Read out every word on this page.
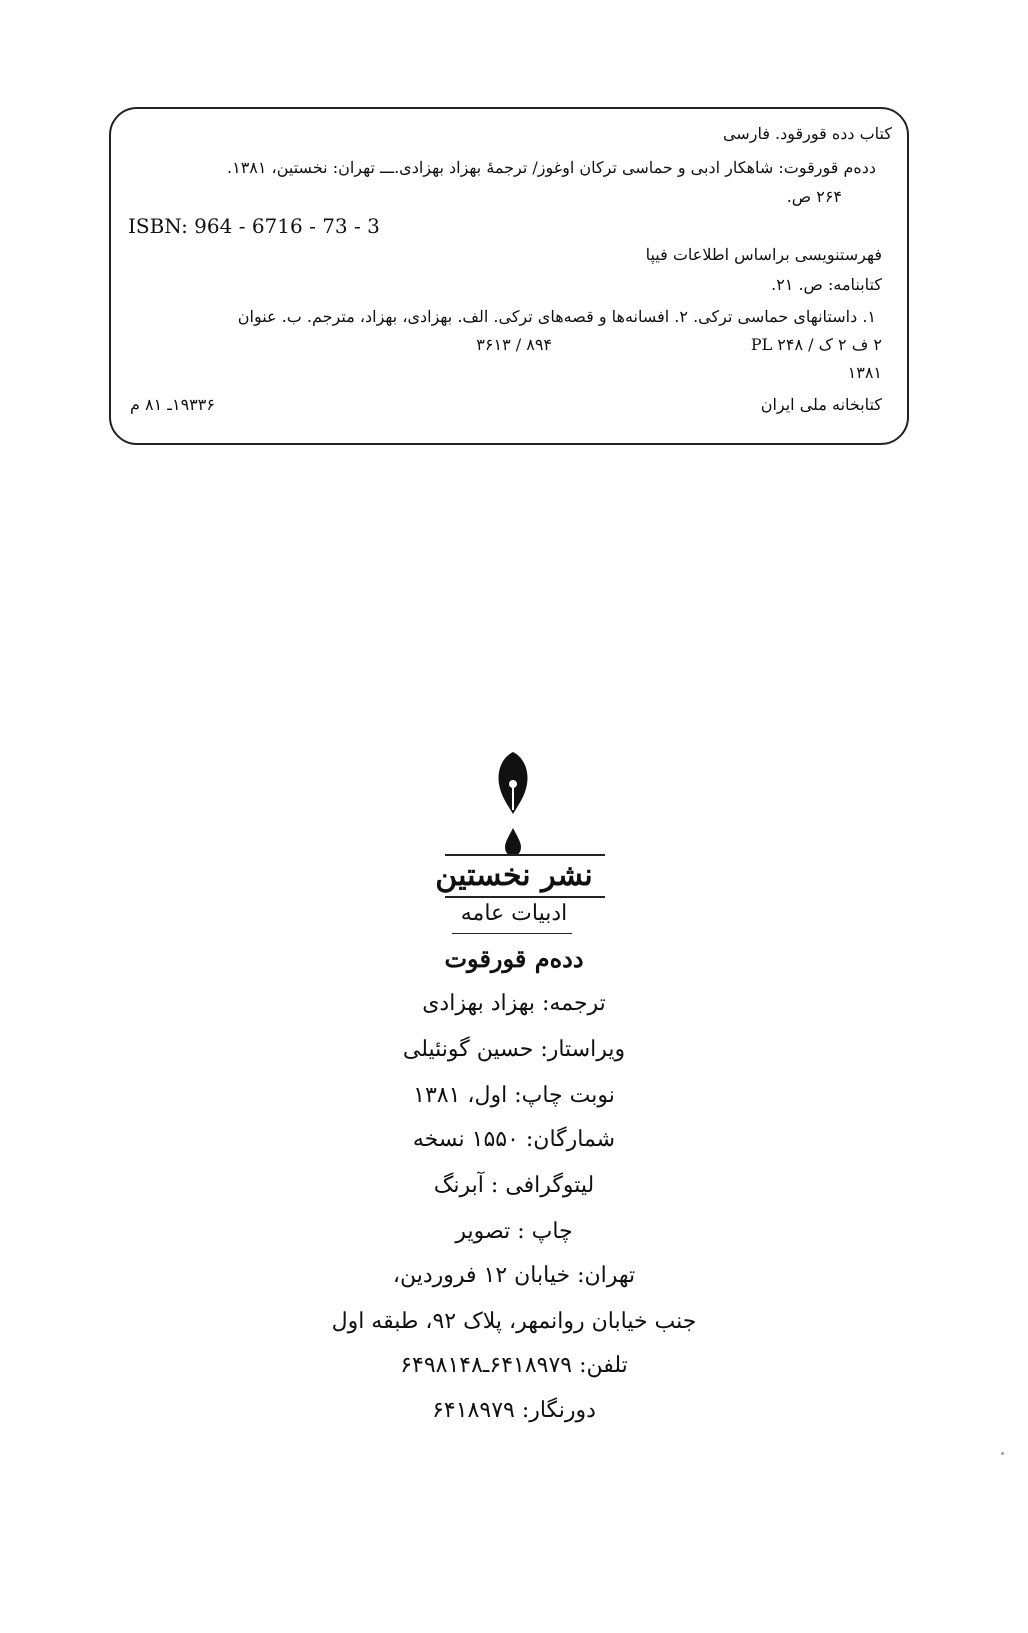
کتاب دده قورقود. فارسی
دده‌م قورقوت: شاهکار ادبی و حماسی ترکان اوغوز/ ترجمهٔ بهزاد بهزادی.ـــ تهران: نخستین، ۱۳۸۱.
۲۶۴ ص.
ISBN: 964 - 6716 - 73 - 3
فهرستنویسی براساس اطلاعات فیپا
کتابنامه: ص. ۲۱.
۱. داستانهای حماسی ترکی. ۲. افسانه‌ها و قصه‌های ترکی. الف. بهزادی، بهزاد، مترجم. ب. عنوان
۲ ف ۲ ک / ۲۴۸ PL
۸۹۴ / ۳۶۱۳
۱۳۸۱
کتابخانه ملی ایران
۱۹۳۳۶ـ ۸۱ م
نشر نخستین
ادبیات عامه
دده‌م قورقوت
ترجمه: بهزاد بهزادی
ویراستار: حسین گونئیلی
نوبت چاپ: اول، ۱۳۸۱
شمارگان: ۱۵۵۰ نسخه
لیتوگرافی : آبرنگ
چاپ : تصویر
تهران: خیابان ۱۲ فروردین،
جنب خیابان روانمهر، پلاک ۹۲، طبقه اول
تلفن: ۶۴۱۸۹۷۹ـ۶۴۹۸۱۴۸
دورنگار: ۶۴۱۸۹۷۹
